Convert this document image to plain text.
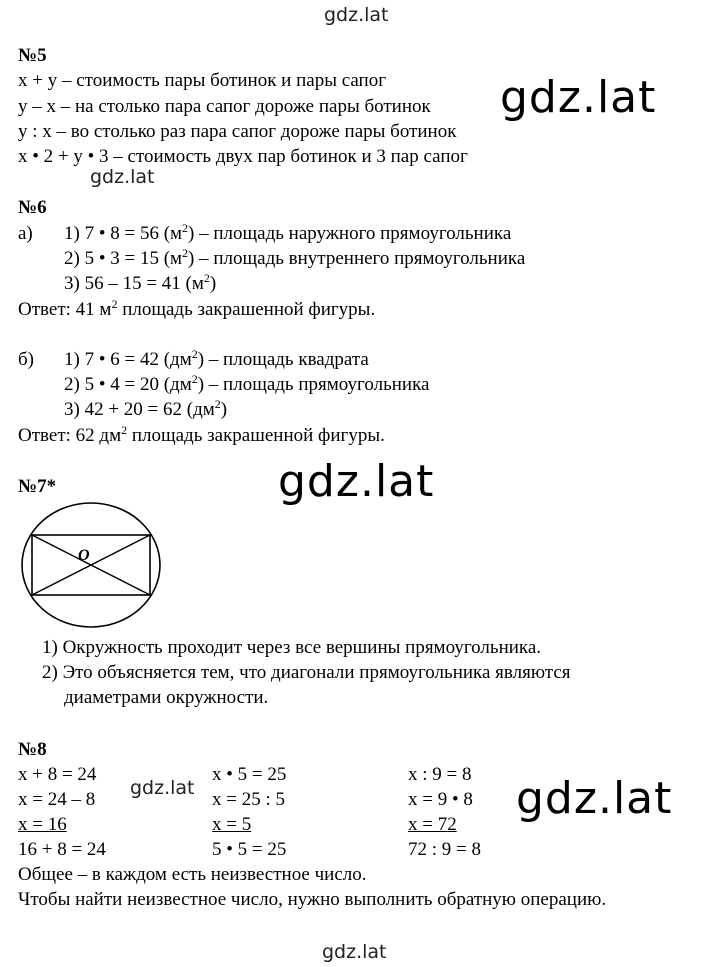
gdz.lat
gdz.lat
gdz.lat
gdz.lat
gdz.lat	gdz.lat
gdz.lat
№5
x + y – стоимость пары ботинок и пары сапог
y – x – на столько пара сапог дороже пары ботинок
y : x – во столько раз пара сапог дороже пары ботинок
x • 2 + y • 3 – стоимость двух пар ботинок и 3 пар сапог
№6
а) 1) 7 • 8 = 56 $(м^2)$ – площадь наружного прямоугольника
2) 5 • 3 = 15 $(м^2)$ – площадь внутреннего прямоугольника
3) 56 – 15 = 41 $(м^2)$
Ответ: 41 $м^2$ площадь закрашенной фигуры.
б) 1) 7 • 6 = 42 $(дм^2)$ – площадь квадрата
2) 5 • 4 = 20 $(дм^2)$ – площадь прямоугольника
3) 42 + 20 = 62 $(дм^2)$
Ответ: 62 $дм^2$ площадь закрашенной фигуры.
№7*
O
1) Окружность проходит через все вершины прямоугольника.
2) Это объясняется тем, что диагонали прямоугольника являются
диаметрами окружности.
№8
x + 8 = 24
x = 24 – 8
x = 16
16 + 8 = 24
x • 5 = 25
x = 25 : 5
x = 5
5 • 5 = 25
x : 9 = 8
x = 9 • 8
x = 72
72 : 9 = 8
Общее – в каждом есть неизвестное число.
Чтобы найти неизвестное число, нужно выполнить обратную операцию.
